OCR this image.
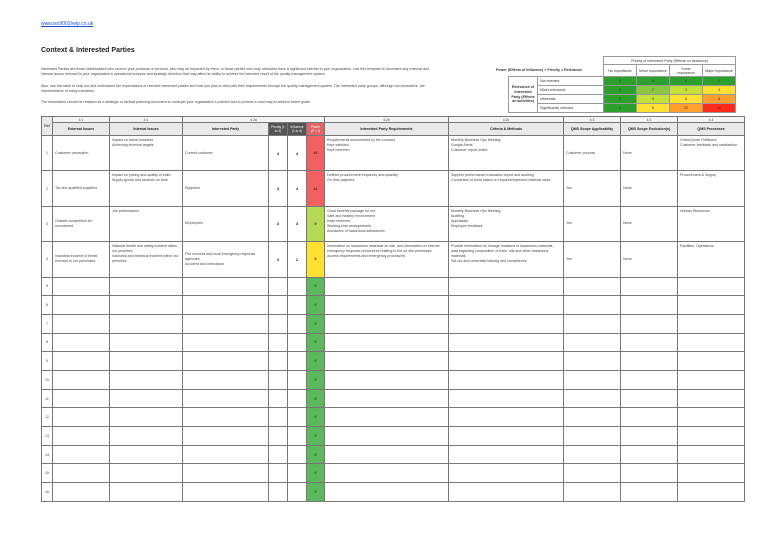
www.iso9001help.co.uk
Context & Interested Parties
Interested Parties are those stakeholders who receive your products or services, who may be impacted by them, or those parties who may otherwise have a significant interest in your organization. Use this template to document any external and internal issues relevant to your organization's operational purpose and strategic direction that may affect its ability to achieve the intended result of the quality management system.
Also, use this table to map out and understand the expectations of relevant interested parties and how you plan to deal with their requirements through the quality management system. The interested party groups, although not exhaustive, are representative of many industries.
The information should be retained as a strategic or tactical planning document to underpin your organization's policies and to provide a road map to achieve future goals.
			Priority of Interested Party (Effects on decisions)			
Power (Effects of Influence) × Priority = Relevance			No importance	Minor importance	Some importance	Major importance
	Relevance of Interested Party (Effects on activities)	Not relevant	0	0	0	0
		Minor relevance	0	2	3	4
		Influential	0	4	6	8
		Significantly relevant	0	6	12	16
Ref	4.1	4.1	4.2a				4.2b	4.2c	4.3	4.3	4.4
	External Issues	Internal Issues	Interested Party	Priority (1 to 4)	Influence (1 to 4)	Power (P × I)	Interested Party Requirements	Criteria & Methods	QMS Scope Applicability	QMS Scope Exclusion(s)	QMS Processes
1	Customer perception	Impact on future business
Achieving revenue targets	Current customer	4	4	16	Requirements documented by the contract
Kept satisfied
Kept informed	Monthly Business Ops Meeting
Google Alerts
Customer report online	Customer process	None	Order/Quote Fulfilment
Customer feedback and satisfaction
2	Too few qualified suppliers	Impact on pricing and quality of build
Supply goods and services on time	Suppliers	3	4	12	Defined procurement frequency and quantity
On time payment	Supplier performance evaluation report and auditing
Conversion of build based on required/expected material sales	Yes	None	Procurement & Supply
3	Outside competition for recruitment	Job performance	Employees	3	3	9	Good benefits package for me
Safe and healthy environment
Keep informed
Working time arrangements
Avoidance of hazardous substances	Monthly Business Ops Meeting
Auditing
Appraisals
Employee feedback	Yes	None	Human Resources
4	Industrial incident or threat relevant to our processes	National health and safety incident within our premises
Industrial and technical incident within our premises	Fire services and local emergency response agencies
Accident and ambulance	3	2	6	Information on hazardous materials on site, and information on internal emergency response procedures relating to the on-site processes
Access requirements and emergency procedures	Provide information on storage locations of hazardous materials, data regarding composition of fuels, oils and other hazardous materials
Set out and undertake training and competence	Yes	None	Facilities, Operations
5						0					
6						0					
7						0					
8						0					
9						0					
10						0					
11						0					
12						0					
13						0					
14						0					
15						0					
16						0					
